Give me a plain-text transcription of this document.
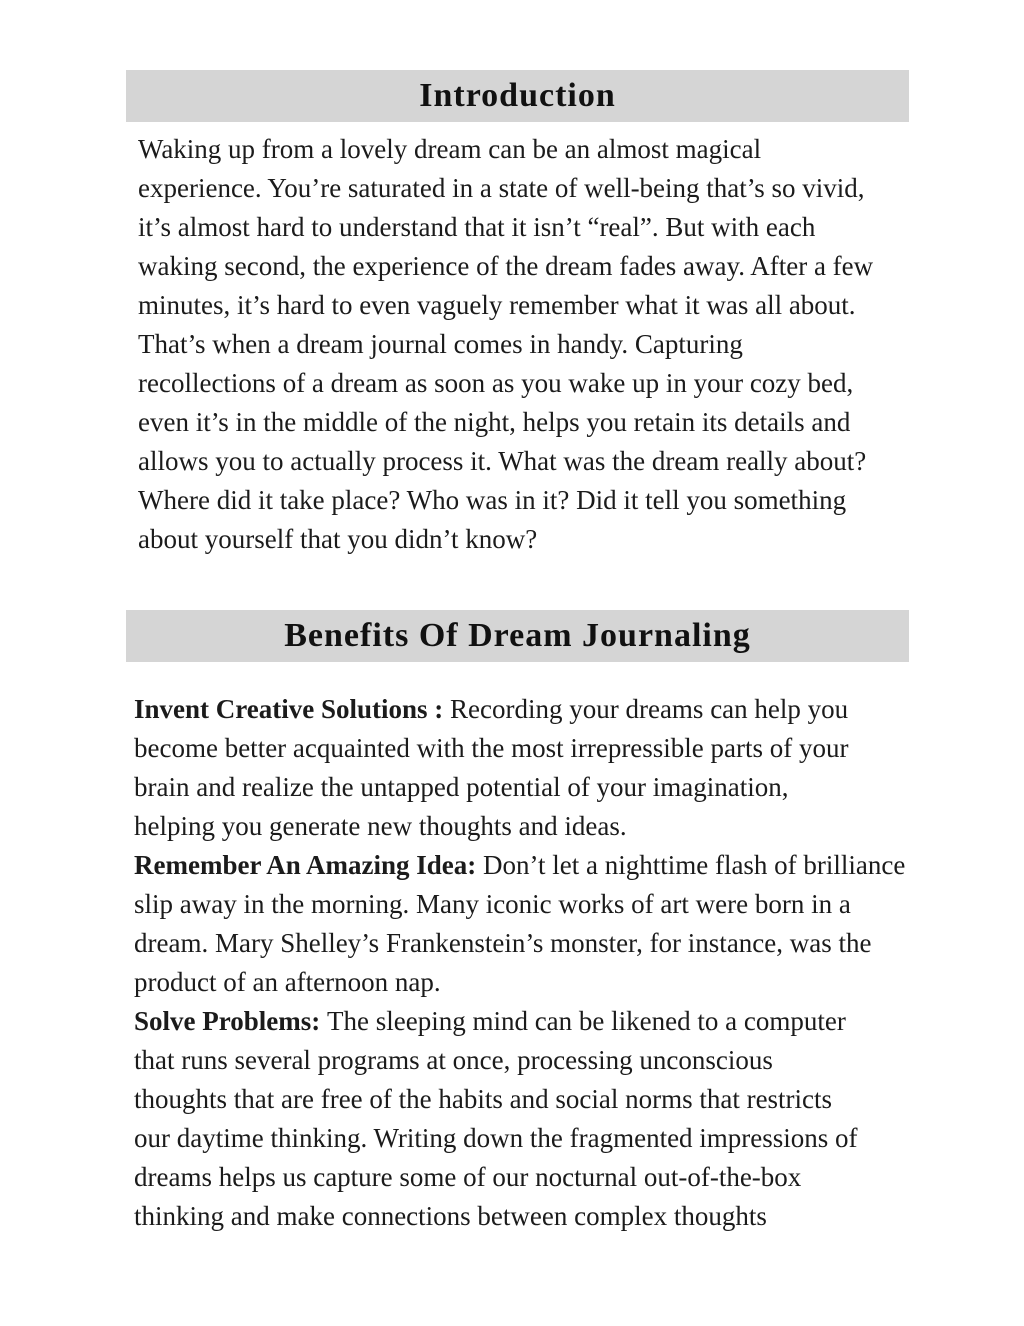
Introduction
Waking up from a lovely dream can be an almost magical
experience. You’re saturated in a state of well-being that’s so vivid,
it’s almost hard to understand that it isn’t “real”. But with each
waking second, the experience of the dream fades away. After a few
minutes, it’s hard to even vaguely remember what it was all about.
That’s when a dream journal comes in handy. Capturing
recollections of a dream as soon as you wake up in your cozy bed,
even it’s in the middle of the night, helps you retain its details and
allows you to actually process it. What was the dream really about?
Where did it take place? Who was in it? Did it tell you something
about yourself that you didn’t know?
Benefits Of Dream Journaling
Invent Creative Solutions : Recording your dreams can help you
become better acquainted with the most irrepressible parts of your
brain and realize the untapped potential of your imagination,
helping you generate new thoughts and ideas.
Remember An Amazing Idea: Don’t let a nighttime flash of brilliance
slip away in the morning. Many iconic works of art were born in a
dream. Mary Shelley’s Frankenstein’s monster, for instance, was the
product of an afternoon nap.
Solve Problems: The sleeping mind can be likened to a computer
that runs several programs at once, processing unconscious
thoughts that are free of the habits and social norms that restricts
our daytime thinking. Writing down the fragmented impressions of
dreams helps us capture some of our nocturnal out-of-the-box
thinking and make connections between complex thoughts
